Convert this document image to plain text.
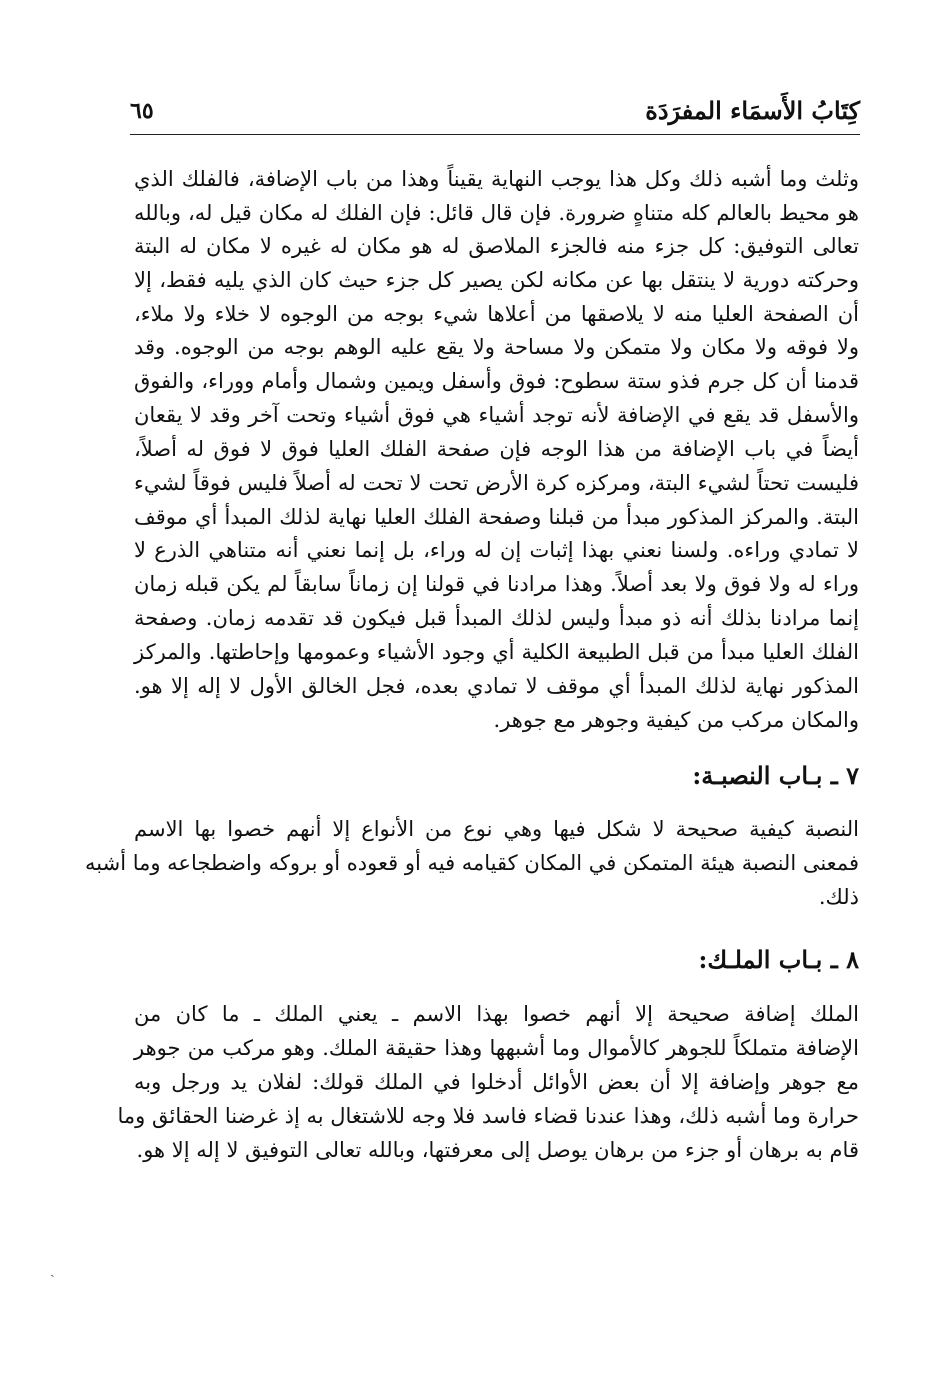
كِتَابُ الأَسمَاء المفرَدَة
٦٥
وثلث وما أشبه ذلك وكل هذا يوجب النهاية يقيناً وهذا من باب الإضافة، فالفلك الذي
هو محيط بالعالم كله متناهٍ ضرورة. فإن قال قائل: فإن الفلك له مكان قيل له، وبالله
تعالى التوفيق: كل جزء منه فالجزء الملاصق له هو مكان له غيره لا مكان له البتة
وحركته دورية لا ينتقل بها عن مكانه لكن يصير كل جزء حيث كان الذي يليه فقط، إلا
أن الصفحة العليا منه لا يلاصقها من أعلاها شيء بوجه من الوجوه لا خلاء ولا ملاء،
ولا فوقه ولا مكان ولا متمكن ولا مساحة ولا يقع عليه الوهم بوجه من الوجوه. وقد
قدمنا أن كل جرم فذو ستة سطوح: فوق وأسفل ويمين وشمال وأمام ووراء، والفوق
والأسفل قد يقع في الإضافة لأنه توجد أشياء هي فوق أشياء وتحت آخر وقد لا يقعان
أيضاً في باب الإضافة من هذا الوجه فإن صفحة الفلك العليا فوق لا فوق له أصلاً،
فليست تحتاً لشيء البتة، ومركزه كرة الأرض تحت لا تحت له أصلاً فليس فوقاً لشيء
البتة. والمركز المذكور مبدأ من قبلنا وصفحة الفلك العليا نهاية لذلك المبدأ أي موقف
لا تمادي وراءه. ولسنا نعني بهذا إثبات إن له وراء، بل إنما نعني أنه متناهي الذرع لا
وراء له ولا فوق ولا بعد أصلاً. وهذا مرادنا في قولنا إن زماناً سابقاً لم يكن قبله زمان
إنما مرادنا بذلك أنه ذو مبدأ وليس لذلك المبدأ قبل فيكون قد تقدمه زمان. وصفحة
الفلك العليا مبدأ من قبل الطبيعة الكلية أي وجود الأشياء وعمومها وإحاطتها. والمركز
المذكور نهاية لذلك المبدأ أي موقف لا تمادي بعده، فجل الخالق الأول لا إله إلا هو.
والمكان مركب من كيفية وجوهر مع جوهر.
٧ ـ بـاب النصبـة:
النصبة كيفية صحيحة لا شكل فيها وهي نوع من الأنواع إلا أنهم خصوا بها الاسم
فمعنى النصبة هيئة المتمكن في المكان كقيامه فيه أو قعوده أو بروكه واضطجاعه وما أشبه
ذلك.
٨ ـ بـاب الملـك:
الملك إضافة صحيحة إلا أنهم خصوا بهذا الاسم ـ يعني الملك ـ ما كان من
الإضافة متملكاً للجوهر كالأموال وما أشبهها وهذا حقيقة الملك. وهو مركب من جوهر
مع جوهر وإضافة إلا أن بعض الأوائل أدخلوا في الملك قولك: لفلان يد ورجل وبه
حرارة وما أشبه ذلك، وهذا عندنا قضاء فاسد فلا وجه للاشتغال به إذ غرضنا الحقائق وما
قام به برهان أو جزء من برهان يوصل إلى معرفتها، وبالله تعالى التوفيق لا إله إلا هو.
ˏ
